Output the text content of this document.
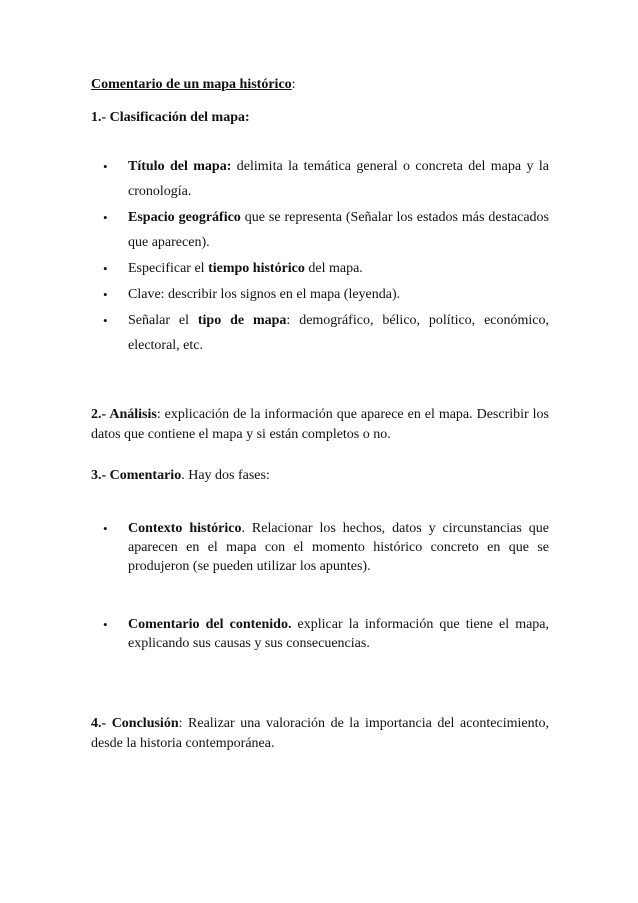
Comentario de un mapa histórico:

1.- Clasificación del mapa:

• Título del mapa: delimita la temática general o concreta del mapa y la cronología.
• Espacio geográfico que se representa (Señalar los estados más destacados que aparecen).
• Especificar el tiempo histórico del mapa.
• Clave: describir los signos en el mapa (leyenda).
• Señalar el tipo de mapa: demográfico, bélico, político, económico, electoral, etc.

2.- Análisis: explicación de la información que aparece en el mapa. Describir los datos que contiene el mapa y si están completos o no.

3.- Comentario. Hay dos fases:

• Contexto histórico. Relacionar los hechos, datos y circunstancias que aparecen en el mapa con el momento histórico concreto en que se produjeron (se pueden utilizar los apuntes).
• Comentario del contenido. explicar la información que tiene el mapa, explicando sus causas y sus consecuencias.

4.- Conclusión: Realizar una valoración de la importancia del acontecimiento, desde la historia contemporánea.
